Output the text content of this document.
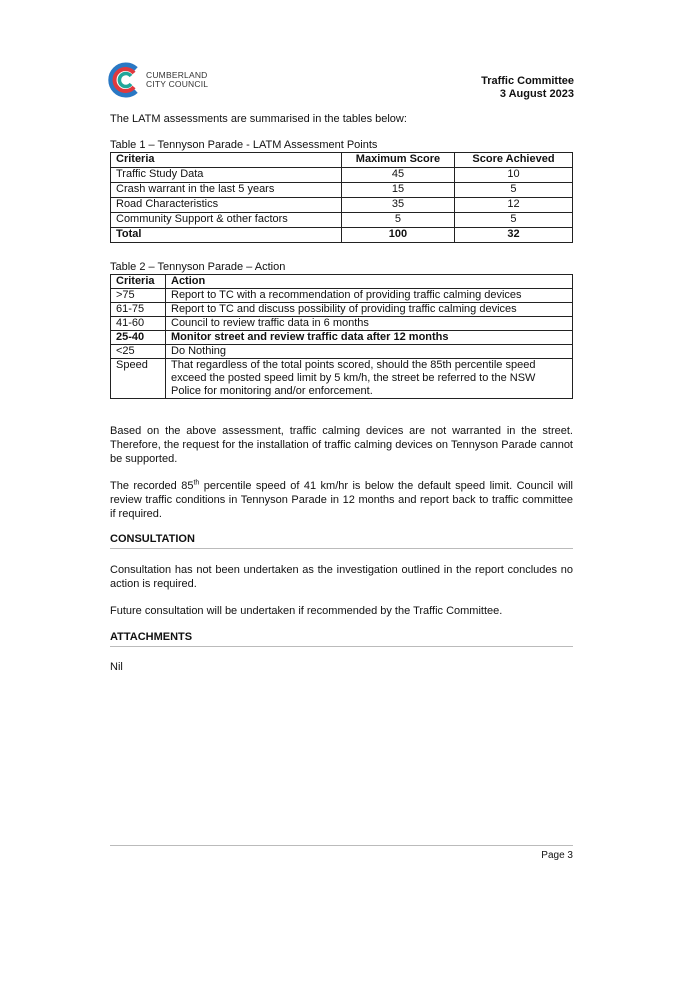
CUMBERLAND
CITY COUNCIL	Traffic Committee
3 August 2023
The LATM assessments are summarised in the tables below:
Table 1 – Tennyson Parade - LATM Assessment Points
Criteria	Maximum Score	Score Achieved
Traffic Study Data	45	10
Crash warrant in the last 5 years	15	5
Road Characteristics	35	12
Community Support & other factors	5	5
Total	100	32
Table 2 – Tennyson Parade – Action
Criteria	Action
>75	Report to TC with a recommendation of providing traffic calming devices
61-75	Report to TC and discuss possibility of providing traffic calming devices
41-60	Council to review traffic data in 6 months
25-40	Monitor street and review traffic data after 12 months
<25	Do Nothing
Speed	That regardless of the total points scored, should the 85th percentile speed exceed the posted speed limit by 5 km/h, the street be referred to the NSW Police for monitoring and/or enforcement.
Based on the above assessment, traffic calming devices are not warranted in the street. Therefore, the request for the installation of traffic calming devices on Tennyson Parade cannot be supported.
The recorded 85th percentile speed of 41 km/hr is below the default speed limit. Council will review traffic conditions in Tennyson Parade in 12 months and report back to traffic committee if required.
CONSULTATION
Consultation has not been undertaken as the investigation outlined in the report concludes no action is required.
Future consultation will be undertaken if recommended by the Traffic Committee.
ATTACHMENTS
Nil
Page 3
